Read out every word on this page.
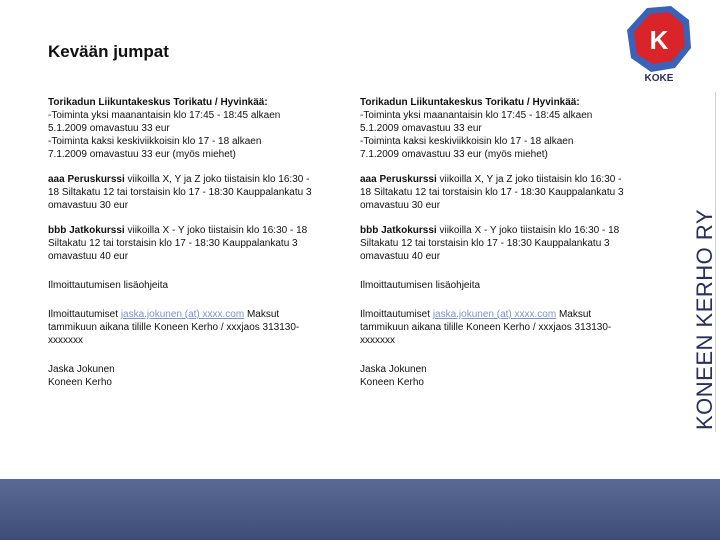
Kevään jumpat	K
KOKE
KONEEN KERHO RY

Torikadun Liikuntakeskus Torikatu / Hyvinkää:
-Toiminta yksi maanantaisin klo 17:45 - 18:45 alkaen
5.1.2009 omavastuu 33 eur
-Toiminta kaksi keskiviikkoisin klo 17 - 18 alkaen
7.1.2009 omavastuu 33 eur (myös miehet)

aaa Peruskurssi viikoilla X, Y ja Z joko tiistaisin klo 16:30 - 18 Siltakatu 12 tai torstaisin klo 17 - 18:30 Kauppalankatu 3 omavastuu 30 eur

bbb Jatkokurssi viikoilla X - Y joko tiistaisin klo 16:30 - 18 Siltakatu 12 tai torstaisin klo 17 - 18:30 Kauppalankatu 3 omavastuu 40 eur

Ilmoittautumisen lisäohjeita

Ilmoittautumiset jaska.jokunen (at) xxxx.com Maksut tammikuun aikana tilille Koneen Kerho / xxxjaos 313130-xxxxxxx

Jaska Jokunen
Koneen Kerho

Torikadun Liikuntakeskus Torikatu / Hyvinkää:
-Toiminta yksi maanantaisin klo 17:45 - 18:45 alkaen
5.1.2009 omavastuu 33 eur
-Toiminta kaksi keskiviikkoisin klo 17 - 18 alkaen
7.1.2009 omavastuu 33 eur (myös miehet)

aaa Peruskurssi viikoilla X, Y ja Z joko tiistaisin klo 16:30 - 18 Siltakatu 12 tai torstaisin klo 17 - 18:30 Kauppalankatu 3 omavastuu 30 eur

bbb Jatkokurssi viikoilla X - Y joko tiistaisin klo 16:30 - 18 Siltakatu 12 tai torstaisin klo 17 - 18:30 Kauppalankatu 3 omavastuu 40 eur

Ilmoittautumisen lisäohjeita

Ilmoittautumiset jaska.jokunen (at) xxxx.com Maksut tammikuun aikana tilille Koneen Kerho / xxxjaos 313130-xxxxxxx

Jaska Jokunen
Koneen Kerho
